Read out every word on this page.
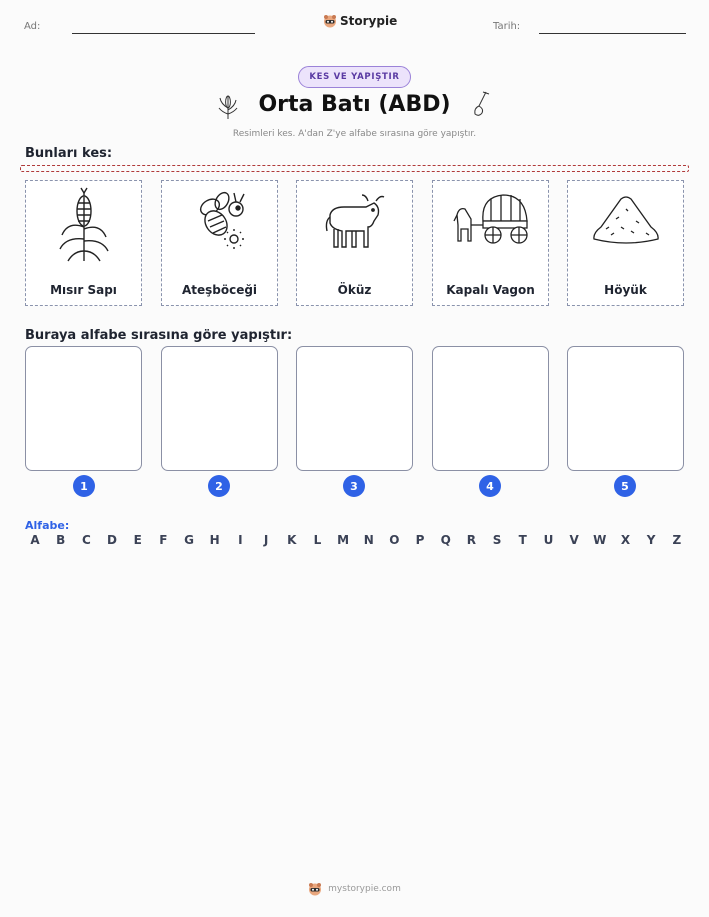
Ad:	Storypie	Tarih:
KES VE YAPIŞTIR
Orta Batı (ABD)
Resimleri kes. A'dan Z'ye alfabe sırasına göre yapıştır.
Bunları kes:
Mısır Sapı	Ateşböceği	Öküz	Kapalı Vagon	Höyük
Buraya alfabe sırasına göre yapıştır:
1	2	3	4	5
Alfabe:
A B C D E F G H	I	J	K L M N O P Q R S T U V W X Y Z
mystorypie.com
